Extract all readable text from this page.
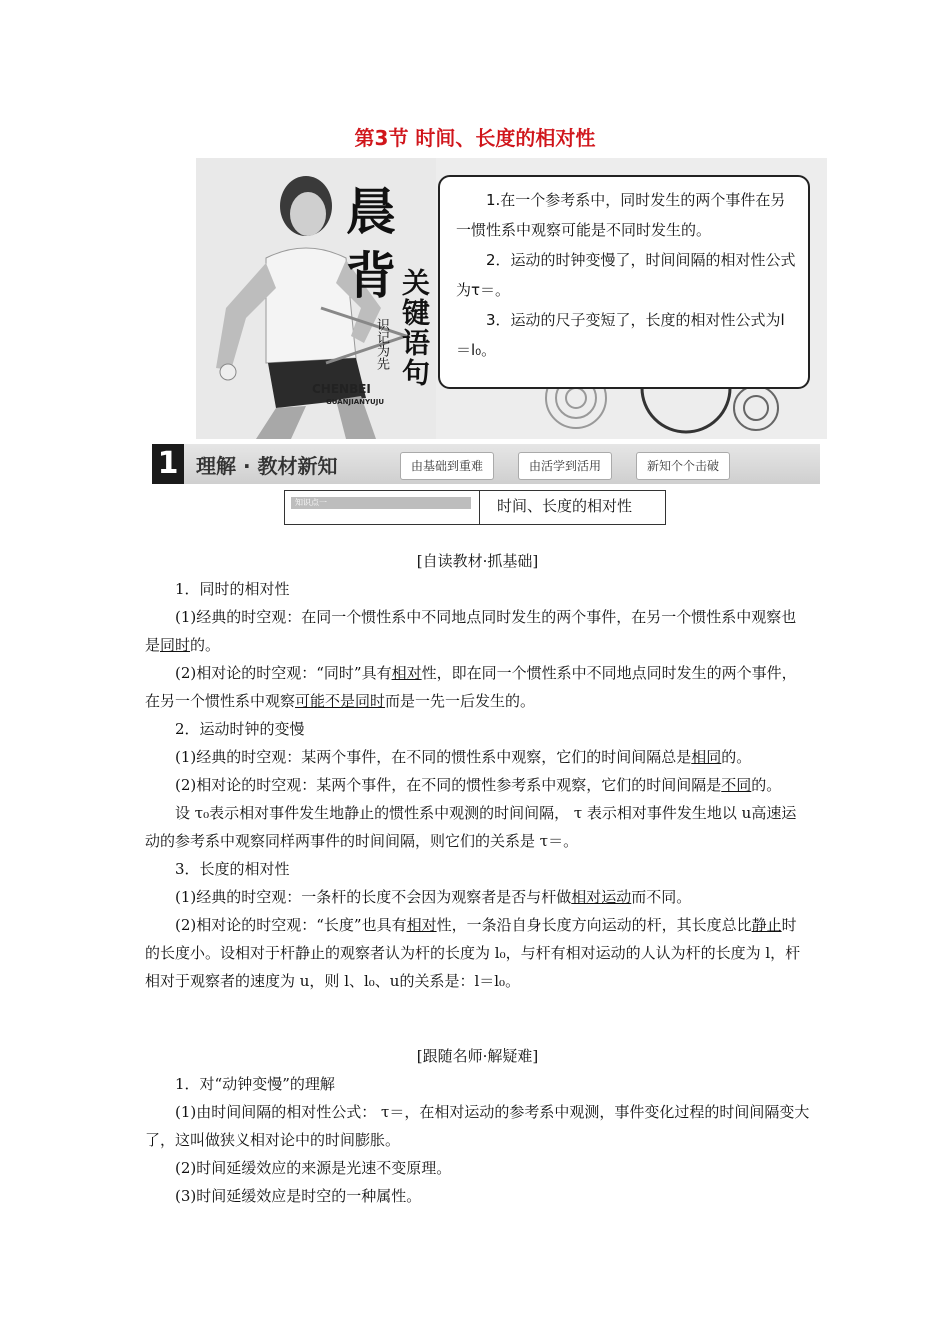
第3节 时间、长度的相对性
晨
背 关键语句
识记为先
CHENBEI
GUANJIANYUJU

1.在一个参考系中，同时发生的两个事件在另一惯性系中观察可能是不同时发生的。

2．运动的时钟变慢了，时间间隔的相对性公式为τ＝。

3．运动的尺子变短了，长度的相对性公式为l＝l₀。

1 理解 · 教材新知	由基础到重难	由活学到活用	新知个个击破
知识点一	时间、长度的相对性

[自读教材·抓基础]

1．同时的相对性

(1)经典的时空观：在同一个惯性系中不同地点同时发生的两个事件，在另一个惯性系中观察也是同时的。

(2)相对论的时空观：“同时”具有相对性，即在同一个惯性系中不同地点同时发生的两个事件，在另一个惯性系中观察可能不是同时而是一先一后发生的。

2．运动时钟的变慢

(1)经典的时空观：某两个事件，在不同的惯性系中观察，它们的时间间隔总是相同的。

(2)相对论的时空观：某两个事件，在不同的惯性参考系中观察，它们的时间间隔是不同的。

设 τ₀表示相对事件发生地静止的惯性系中观测的时间间隔， τ 表示相对事件发生地以 u高速运动的参考系中观察同样两事件的时间间隔，则它们的关系是 τ＝。

3．长度的相对性

(1)经典的时空观：一条杆的长度不会因为观察者是否与杆做相对运动而不同。

(2)相对论的时空观：“长度”也具有相对性，一条沿自身长度方向运动的杆，其长度总比静止时的长度小。设相对于杆静止的观察者认为杆的长度为 l₀，与杆有相对运动的人认为杆的长度为 l，杆相对于观察者的速度为 u，则 l、l₀、u的关系是：l＝l₀。

[跟随名师·解疑难]

1．对“动钟变慢”的理解

(1)由时间间隔的相对性公式： τ＝，在相对运动的参考系中观测，事件变化过程的时间间隔变大了，这叫做狭义相对论中的时间膨胀。

(2)时间延缓效应的来源是光速不变原理。

(3)时间延缓效应是时空的一种属性。
